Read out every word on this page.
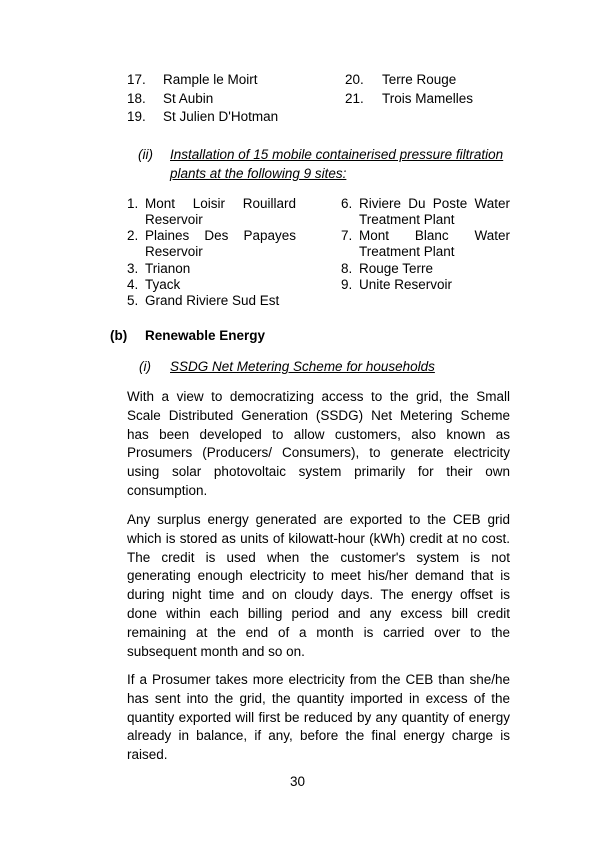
17. Rample le Moirt
18. St Aubin
19. St Julien D'Hotman
20. Terre Rouge
21. Trois Mamelles
(ii) Installation of 15 mobile containerised pressure filtration
plants at the following 9 sites:
1. Mont Loisir Rouillard
Reservoir
2. Plaines Des Papayes
Reservoir
3. Trianon
4. Tyack
5. Grand Riviere Sud Est
6. Riviere Du Poste Water
Treatment Plant
7. Mont Blanc Water
Treatment Plant
8. Rouge Terre
9. Unite Reservoir
(b) Renewable Energy
(i) SSDG Net Metering Scheme for households
With a view to democratizing access to the grid, the Small
Scale Distributed Generation (SSDG) Net Metering Scheme
has been developed to allow customers, also known as
Prosumers (Producers/ Consumers), to generate electricity
using solar photovoltaic system primarily for their own
consumption.
Any surplus energy generated are exported to the CEB grid
which is stored as units of kilowatt-hour (kWh) credit at no cost.
The credit is used when the customer's system is not
generating enough electricity to meet his/her demand that is
during night time and on cloudy days. The energy offset is
done within each billing period and any excess bill credit
remaining at the end of a month is carried over to the
subsequent month and so on.
If a Prosumer takes more electricity from the CEB than she/he
has sent into the grid, the quantity imported in excess of the
quantity exported will first be reduced by any quantity of energy
already in balance, if any, before the final energy charge is
raised.
30
